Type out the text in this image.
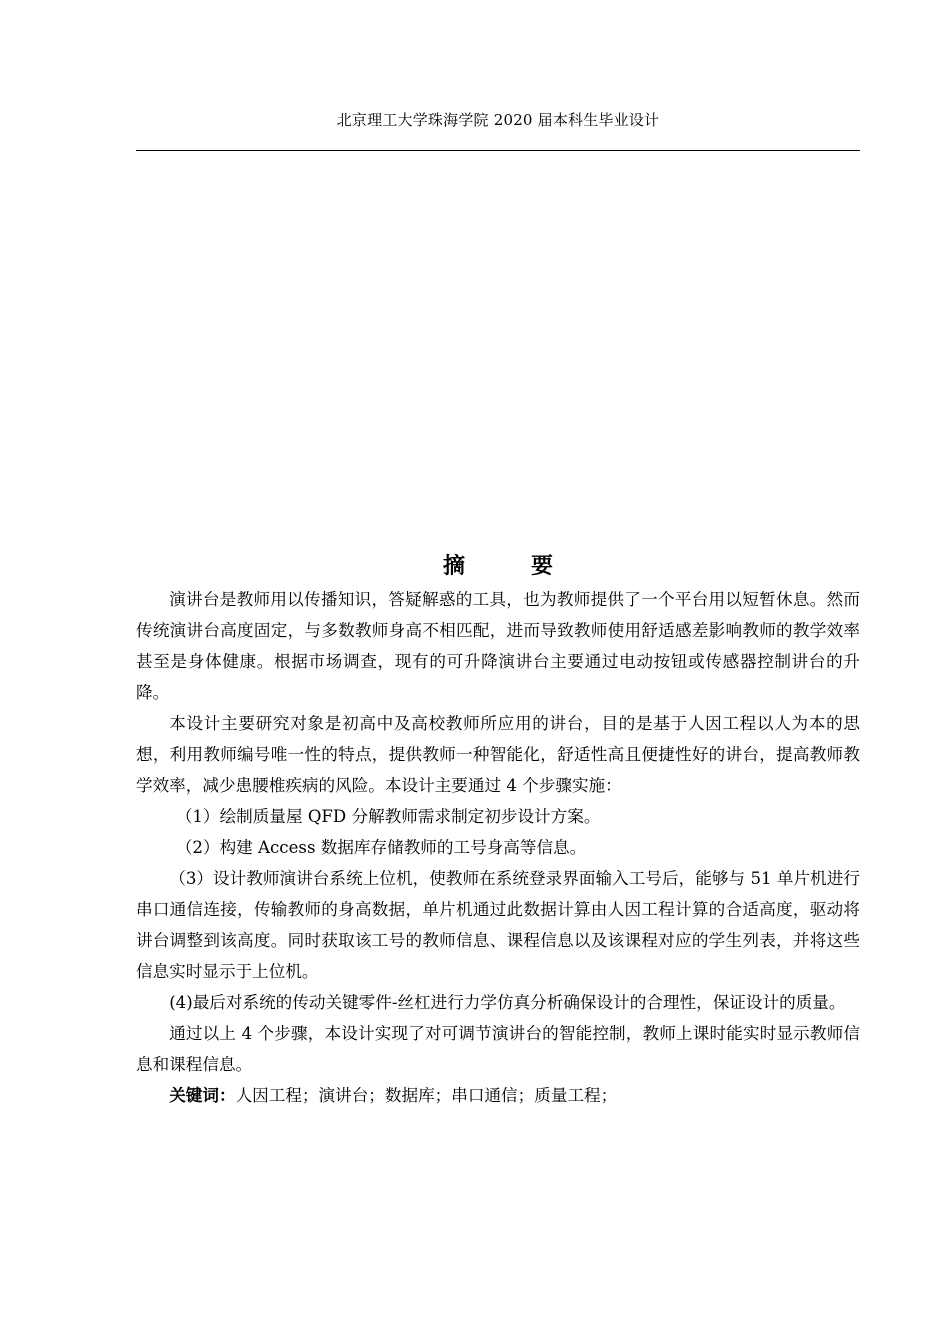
北京理工大学珠海学院 2020 届本科生毕业设计
摘　要

演讲台是教师用以传播知识，答疑解惑的工具，也为教师提供了一个平台用以短暂休息。然而传统演讲台高度固定，与多数教师身高不相匹配，进而导致教师使用舒适感差影响教师的教学效率甚至是身体健康。根据市场调查，现有的可升降演讲台主要通过电动按钮或传感器控制讲台的升降。

本设计主要研究对象是初高中及高校教师所应用的讲台，目的是基于人因工程以人为本的思想，利用教师编号唯一性的特点，提供教师一种智能化，舒适性高且便捷性好的讲台，提高教师教学效率，减少患腰椎疾病的风险。本设计主要通过 4 个步骤实施：

（1）绘制质量屋 QFD 分解教师需求制定初步设计方案。

（2）构建 Access 数据库存储教师的工号身高等信息。

（3）设计教师演讲台系统上位机，使教师在系统登录界面输入工号后，能够与 51 单片机进行串口通信连接，传输教师的身高数据，单片机通过此数据计算由人因工程计算的合适高度，驱动将讲台调整到该高度。同时获取该工号的教师信息、课程信息以及该课程对应的学生列表，并将这些信息实时显示于上位机。

(4)最后对系统的传动关键零件-丝杠进行力学仿真分析确保设计的合理性，保证设计的质量。

通过以上 4 个步骤，本设计实现了对可调节演讲台的智能控制，教师上课时能实时显示教师信息和课程信息。

关键词：人因工程；演讲台；数据库；串口通信；质量工程；
